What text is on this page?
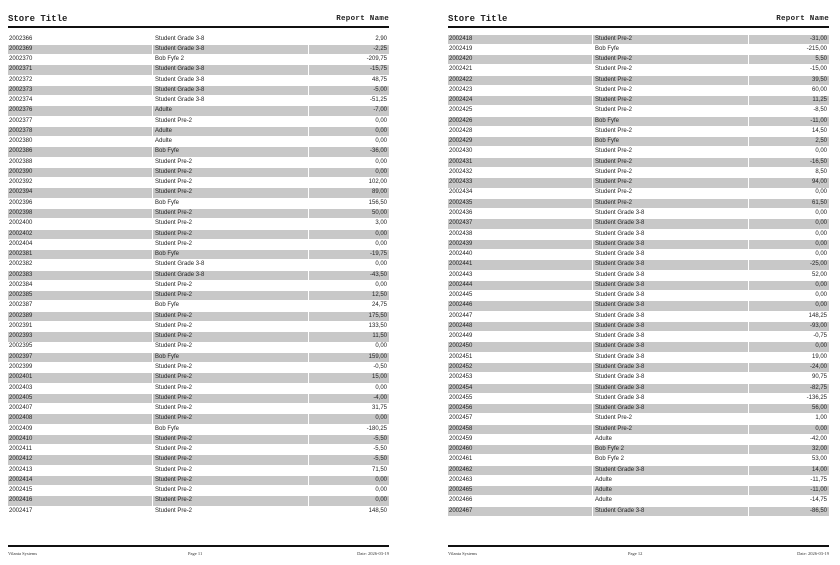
Store Title	Report Name
2002366	Student Grade 3-8	2,90
2002369	Student Grade 3-8	-2,25
2002370	Bob Fyfe 2	-209,75
2002371	Student Grade 3-8	-15,75
2002372	Student Grade 3-8	48,75
2002373	Student Grade 3-8	-5,00
2002374	Student Grade 3-8	-51,25
2002376	Adulte	-7,00
2002377	Student Pre-2	0,00
2002378	Adulte	0,00
2002380	Adulte	0,00
2002386	Bob Fyfe	-36,00
2002388	Student Pre-2	0,00
2002390	Student Pre-2	0,00
2002392	Student Pre-2	102,00
2002394	Student Pre-2	89,00
2002396	Bob Fyfe	156,50
2002398	Student Pre-2	50,00
2002400	Student Pre-2	3,00
2002402	Student Pre-2	0,00
2002404	Student Pre-2	0,00
2002381	Bob Fyfe	-19,75
2002382	Student Grade 3-8	0,00
2002383	Student Grade 3-8	-43,50
2002384	Student Pre-2	0,00
2002385	Student Pre-2	12,50
2002387	Bob Fyfe	24,75
2002389	Student Pre-2	175,50
2002391	Student Pre-2	133,50
2002393	Student Pre-2	11,50
2002395	Student Pre-2	0,00
2002397	Bob Fyfe	159,00
2002399	Student Pre-2	-0,50
2002401	Student Pre-2	15,00
2002403	Student Pre-2	0,00
2002405	Student Pre-2	-4,00
2002407	Student Pre-2	31,75
2002408	Student Pre-2	0,00
2002409	Bob Fyfe	-180,25
2002410	Student Pre-2	-5,50
2002411	Student Pre-2	-5,50
2002412	Student Pre-2	-5,50
2002413	Student Pre-2	71,50
2002414	Student Pre-2	0,00
2002415	Student Pre-2	0,00
2002416	Student Pre-2	0,00
2002417	Student Pre-2	148,50
Vilanta Systems	Page 11	Date: 2026-03-19
Store Title	Report Name
2002418	Student Pre-2	-31,00
2002419	Bob Fyfe	-215,00
2002420	Student Pre-2	5,50
2002421	Student Pre-2	-15,00
2002422	Student Pre-2	39,50
2002423	Student Pre-2	60,00
2002424	Student Pre-2	11,25
2002425	Student Pre-2	-8,50
2002426	Bob Fyfe	-11,00
2002428	Student Pre-2	14,50
2002429	Bob Fyfe	2,50
2002430	Student Pre-2	0,00
2002431	Student Pre-2	-16,50
2002432	Student Pre-2	8,50
2002433	Student Pre-2	94,00
2002434	Student Pre-2	0,00
2002435	Student Pre-2	61,50
2002436	Student Grade 3-8	0,00
2002437	Student Grade 3-8	0,00
2002438	Student Grade 3-8	0,00
2002439	Student Grade 3-8	0,00
2002440	Student Grade 3-8	0,00
2002441	Student Grade 3-8	-25,00
2002443	Student Grade 3-8	52,00
2002444	Student Grade 3-8	0,00
2002445	Student Grade 3-8	0,00
2002446	Student Grade 3-8	0,00
2002447	Student Grade 3-8	148,25
2002448	Student Grade 3-8	-93,00
2002449	Student Grade 3-8	-0,75
2002450	Student Grade 3-8	0,00
2002451	Student Grade 3-8	19,00
2002452	Student Grade 3-8	-24,00
2002453	Student Grade 3-8	90,75
2002454	Student Grade 3-8	-82,75
2002455	Student Grade 3-8	-136,25
2002456	Student Grade 3-8	56,00
2002457	Student Pre-2	1,00
2002458	Student Pre-2	0,00
2002459	Adulte	-42,00
2002460	Bob Fyfe 2	32,00
2002461	Bob Fyfe 2	53,00
2002462	Student Grade 3-8	14,00
2002463	Adulte	-11,75
2002465	Adulte	-11,00
2002466	Adulte	-14,75
2002467	Student Grade 3-8	-86,50
Vilanta Systems	Page 12	Date: 2026-03-19
